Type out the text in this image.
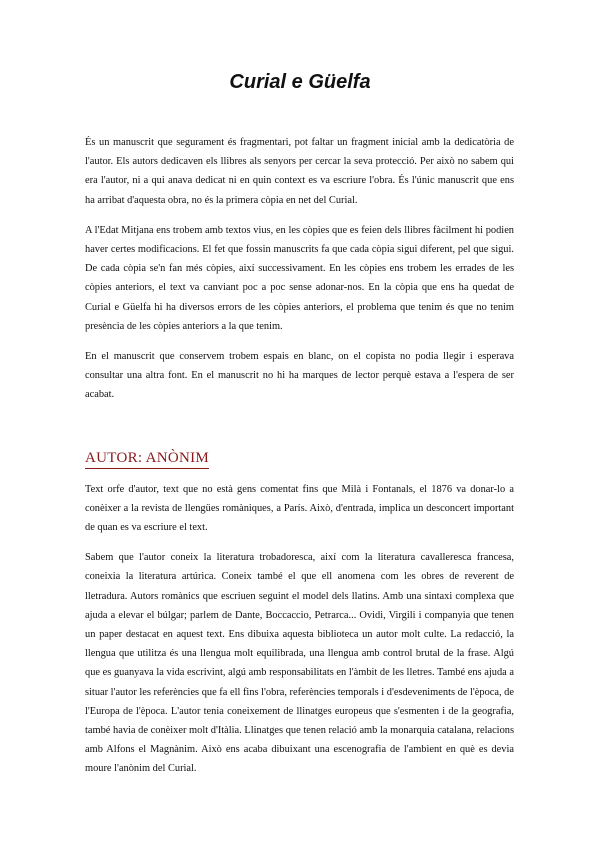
Curial e Güelfa

És un manuscrit que segurament és fragmentari, pot faltar un fragment inicial amb la dedicatòria de l'autor. Els autors dedicaven els llibres als senyors per cercar la seva protecció. Per això no sabem qui era l'autor, ni a qui anava dedicat ni en quin context es va escriure l'obra. És l'únic manuscrit que ens ha arribat d'aquesta obra, no és la primera còpia en net del Curial.

A l'Edat Mitjana ens trobem amb textos vius, en les còpies que es feien dels llibres fàcilment hi podien haver certes modificacions. El fet que fossin manuscrits fa que cada còpia sigui diferent, pel que sigui. De cada còpia se'n fan més còpies, així successivament. En les còpies ens trobem les errades de les còpies anteriors, el text va canviant poc a poc sense adonar-nos. En la còpia que ens ha quedat de Curial e Güelfa hi ha diversos errors de les còpies anteriors, el problema que tenim és que no tenim presència de les còpies anteriors a la que tenim.

En el manuscrit que conservem trobem espais en blanc, on el copista no podia llegir i esperava consultar una altra font. En el manuscrit no hi ha marques de lector perquè estava a l'espera de ser acabat.

AUTOR: ANÒNIM

Text orfe d'autor, text que no està gens comentat fins que Milà i Fontanals, el 1876 va donar-lo a conèixer a la revista de llengües romàniques, a París. Això, d'entrada, implica un desconcert important de quan es va escriure el text.

Sabem que l'autor coneix la literatura trobadoresca, així com la literatura cavalleresca francesa, coneixia la literatura artúrica. Coneix també el que ell anomena com les obres de reverent de lletradura. Autors romànics que escriuen seguint el model dels llatins. Amb una sintaxi complexa que ajuda a elevar el búlgar; parlem de Dante, Boccaccio, Petrarca... Ovidi, Virgili i companyia que tenen un paper destacat en aquest text. Ens dibuixa aquesta biblioteca un autor molt culte. La redacció, la llengua que utilitza és una llengua molt equilibrada, una llengua amb control brutal de la frase. Algú que es guanyava la vida escrivint, algú amb responsabilitats en l'àmbit de les lletres. També ens ajuda a situar l'autor les referències que fa ell fins l'obra, referències temporals i d'esdeveniments de l'època, de l'Europa de l'època. L'autor tenia coneixement de llinatges europeus que s'esmenten i de la geografia, també havia de conèixer molt d'Itàlia. Llinatges que tenen relació amb la monarquia catalana, relacions amb Alfons el Magnànim. Això ens acaba dibuixant una escenografia de l'ambient en què es devia moure l'anònim del Curial.
